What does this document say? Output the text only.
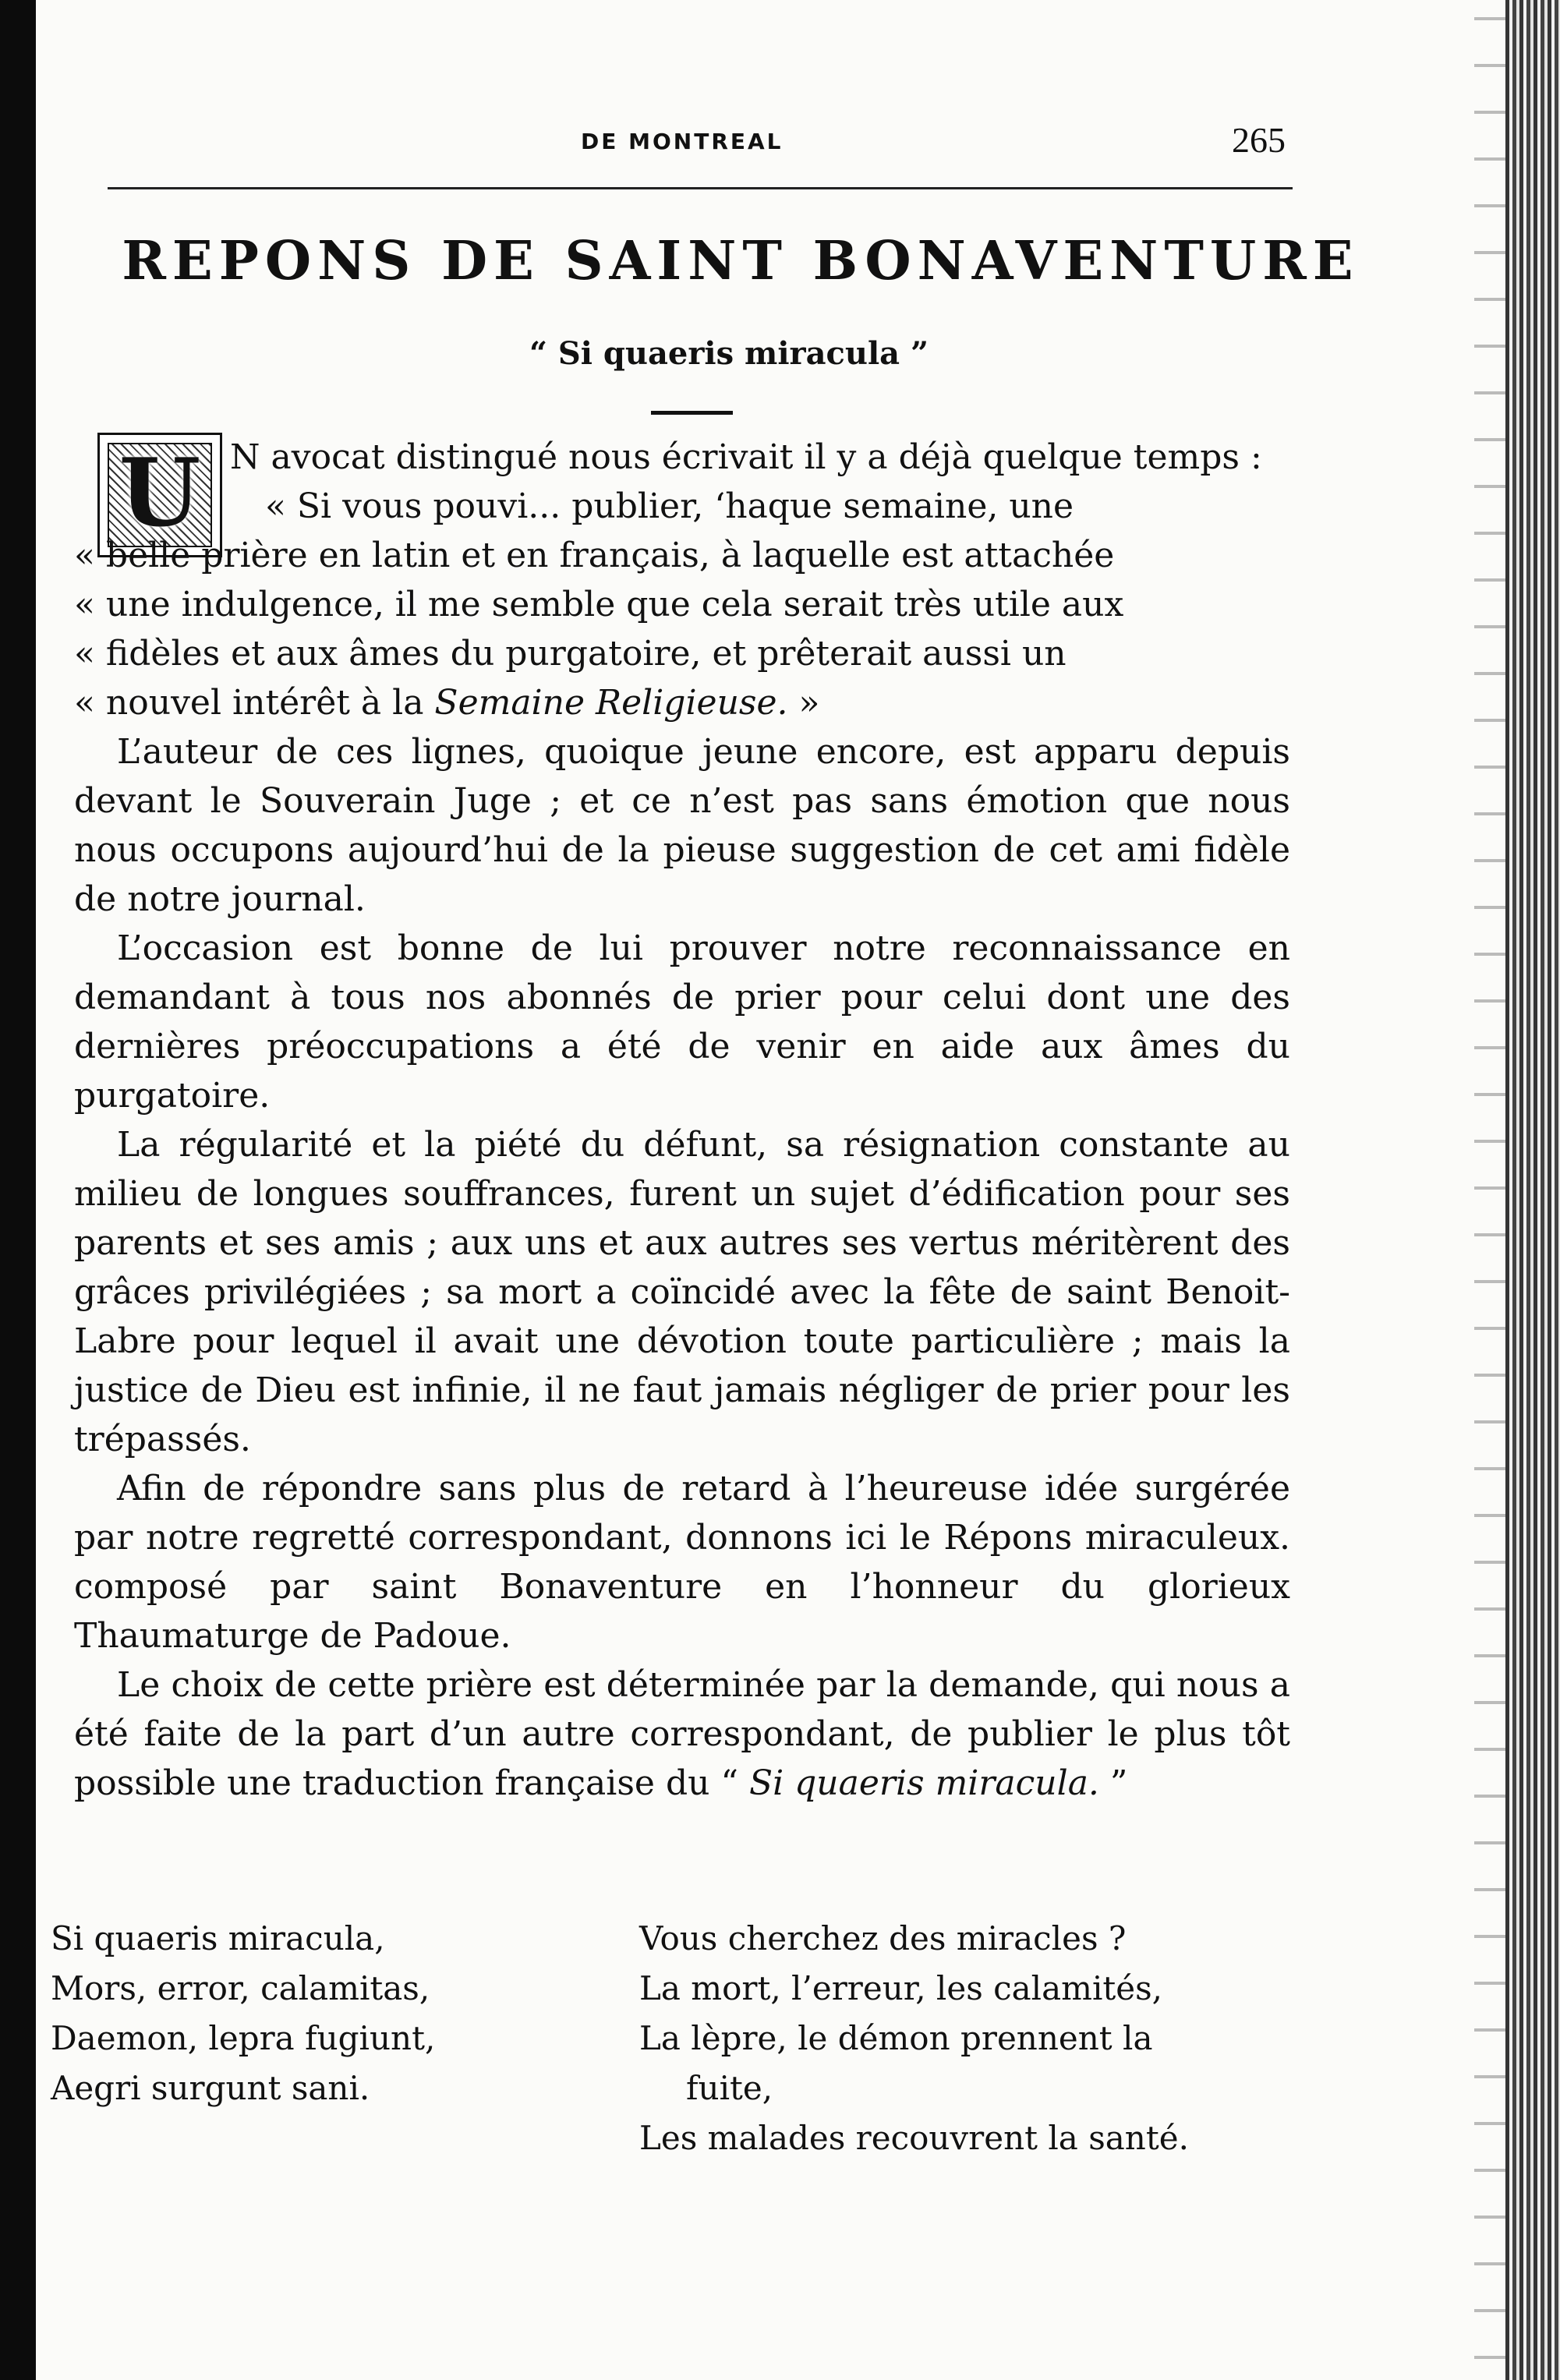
DE MONTREAL	265
REPONS DE SAINT BONAVENTURE
“ Si quaeris miracula ”
U N avocat distingué nous écrivait il y a déjà quelque temps :

« Si vous pouvi... publier, ‘haque semaine, une
« belle prière en latin et en français, à laquelle est attachée
« une indulgence, il me semble que cela serait très utile aux
« fidèles et aux âmes du purgatoire, et prêterait aussi un
« nouvel intérêt à la Semaine Religieuse. »

L’auteur de ces lignes, quoique jeune encore, est apparu depuis devant le Souverain Juge ; et ce n’est pas sans émotion que nous nous occupons aujourd’hui de la pieuse suggestion de cet ami fidèle de notre journal.

L’occasion est bonne de lui prouver notre reconnaissance en demandant à tous nos abonnés de prier pour celui dont une des dernières préoccupations a été de venir en aide aux âmes du purgatoire.

La régularité et la piété du défunt, sa résignation constante au milieu de longues souffrances, furent un sujet d’édification pour ses parents et ses amis ; aux uns et aux autres ses vertus méritèrent des grâces privilégiées ; sa mort a coïncidé avec la fête de saint Benoit-Labre pour lequel il avait une dévotion toute particulière ; mais la justice de Dieu est infinie, il ne faut jamais négliger de prier pour les trépassés.

Afin de répondre sans plus de retard à l’heureuse idée surgérée par notre regretté correspondant, donnons ici le Répons miraculeux. composé par saint Bonaventure en l’honneur du glorieux Thaumaturge de Padoue.

Le choix de cette prière est déterminée par la demande, qui nous a été faite de la part d’un autre correspondant, de publier le plus tôt possible une traduction française du “ Si quaeris miracula. ”

Si quaeris miracula,
Mors, error, calamitas,
Daemon, lepra fugiunt,
Aegri surgunt sani.
Vous cherchez des miracles ?
La mort, l’erreur, les calamités,
La lèpre, le démon prennent la
fuite,
Les malades recouvrent la santé.
